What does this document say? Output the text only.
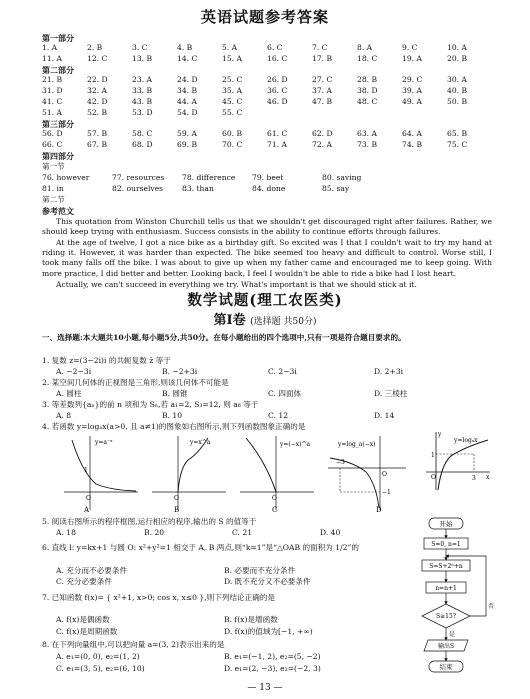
英语试题参考答案
第一部分
1. A	2. B	3. C	4. B	5. A	6. C	7. C	8. A	9. C	10. A
11. A	12. C	13. B	14. C	15. A	16. C	17. B	18. C	19. A	20. B
第二部分
21. B	22. D	23. A	24. D	25. C	26. D	27. C	28. B	29. C	30. A
31. D	32. A	33. B	34. B	35. A	36. C	37. A	38. D	39. A	40. B
41. C	42. D	43. B	44. A	45. C	46. D	47. B	48. C	49. A	50. B
51. A	52. B	53. D	54. D	55. C
第三部分
56. D	57. B	58. C	59. A	60. B	61. C	62. D	63. A	64. A	65. B
66. C	67. B	68. D	69. B	70. C	71. A	72. A	73. B	74. B	75. C
第四部分
第一节
76. however	77. resources 78. difference 79. beet	80. saving
81. in	82. ourselves 83. than	84. done	85. say
第二节
参考范文
This quotation from Winston Churchill tells us that we shouldn't get discouraged right after failures. Rather, we should keep trying with enthusiasm. Success consists in the ability to continue efforts through failures.
At the age of twelve, I got a nice bike as a birthday gift. So excited was I that I couldn't wait to try my hand at riding it. However, it was harder than expected. The bike seemed too heavy and difficult to control. Worse still, I took many falls off the bike. I was about to give up when my father came and encouraged me to keep going. With more practice, I did better and better. Looking back, I feel I wouldn't be able to ride a bike had I lost heart.
Actually, we can't succeed in everything we try. What's important is that we should stick at it.
数学试题(理工农医类)
第Ⅰ卷 (选择题 共50分)
一、选择题:本大题共10小题,每小题5分,共50分。在每小题给出的四个选项中,只有一项是符合题目要求的。
1. 复数 z=(3−2i)i 的共轭复数 z̄ 等于
A. −2−3i	B. −2+3i	C. 2−3i	D. 2+3i
2. 某空间几何体的正视图是三角形,则该几何体不可能是
A. 圆柱	B. 圆锥	C. 四面体	D. 三棱柱
3. 等差数列{aₙ}的前 n 项和为 Sₙ,若 a₁=2, S₃=12, 则 a₆ 等于
A. 8	B. 10	C. 12	D. 14
4. 若函数 y=logₐx(a>0, 且 a≠1)的图象如右图所示,则下列函数图象正确的是
1
3
O
y=logₐx
x
y
O
1
y=a⁻ˣ
A
O
y=x^a
B
O
y=(−x)^a
C
−3
−1
O
y=log_a(−x)
D
5. 阅读右图所示的程序框图,运行相应的程序,输出的 S 的值等于
A. 18	B. 20	C. 21	D. 40
6. 直线 l: y=kx+1 与圆 O: x²+y²=1 相交于 A, B 两点,则“k=1”是“△OAB 的面积为 1/2”的
A. 充分而不必要条件	B. 必要而不充分条件
C. 充分必要条件	D. 既不充分又不必要条件
7. 已知函数 f(x)= { x²+1, x>0; cos x, x≤0 },则下列结论正确的是
A. f(x)是偶函数	B. f(x)是增函数
C. f(x)是周期函数	D. f(x)的值域为[−1, +∞)
8. 在下列向量组中,可以把向量 a=(3, 2)表示出来的是
A. e₁=(0, 0), e₂=(1, 2)	B. e₁=(−1, 2), e₂=(5, −2)
C. e₁=(3, 5), e₂=(6, 10)	D. e₁=(2, −3), e₂=(−2, 3)
开始
S=0, n=1
S=S+2ⁿ+n
n=n+1
S≥15?
否
是
输出S
结束
— 13 —
